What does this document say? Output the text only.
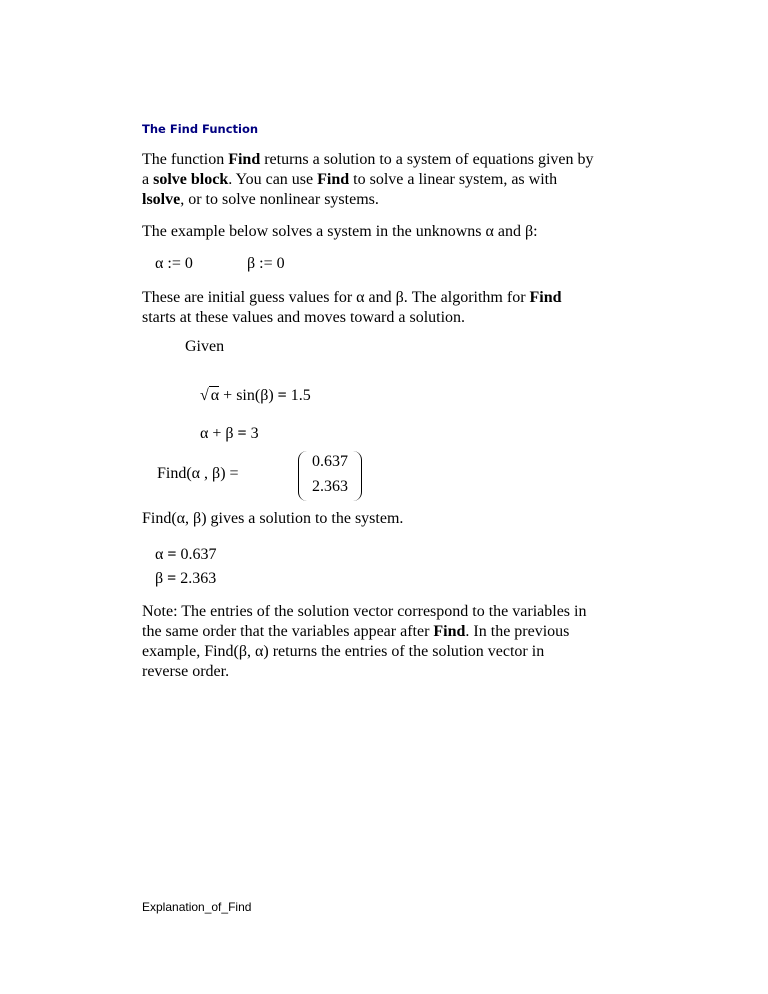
The Find Function
The function Find returns a solution to a system of equations given by
a solve block. You can use Find to solve a linear system, as with
lsolve, or to solve nonlinear systems.
The example below solves a system in the unknowns α and β:
α := 0	β := 0
These are initial guess values for α and β. The algorithm for Find
starts at these values and moves toward a solution.
Given
√ α + sin(β) = 1.5
α + β = 3
Find(α , β) =
0.637
2.363
Find(α, β) gives a solution to the system.
α = 0.637
β = 2.363
Note: The entries of the solution vector correspond to the variables in
the same order that the variables appear after Find. In the previous
example, Find(β, α) returns the entries of the solution vector in
reverse order.
Explanation_of_Find
